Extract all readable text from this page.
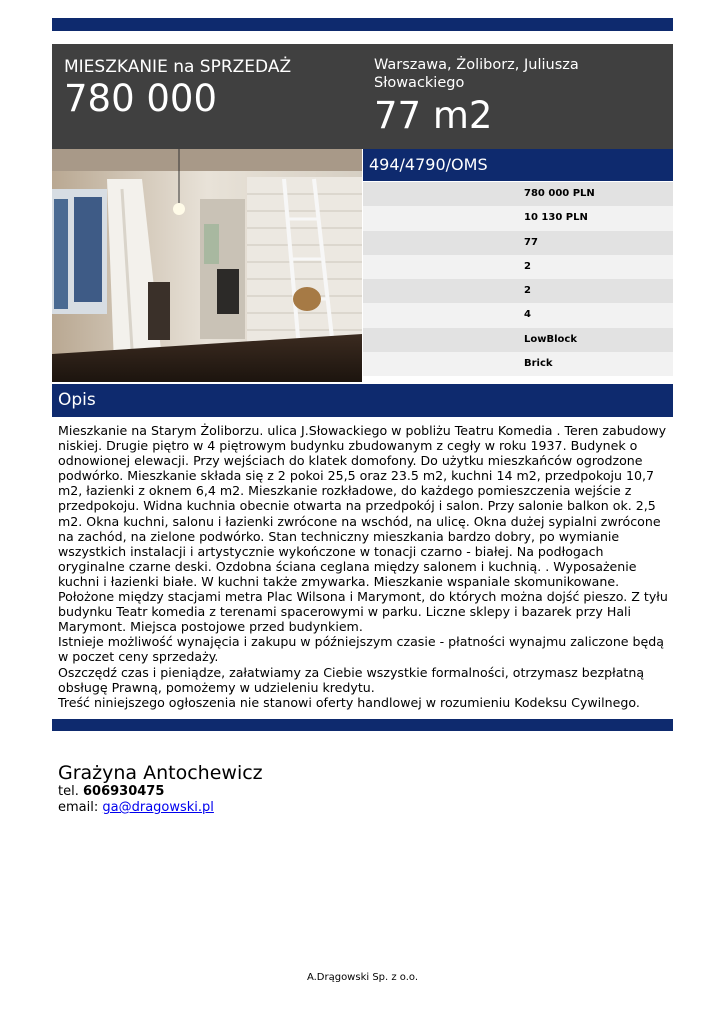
MIESZKANIE na SPRZEDAŻ
780 000
Warszawa, Żoliborz, Juliusza Słowackiego
77 m2
494/4790/OMS
780 000 PLN
10 130 PLN
77
2
2
4
LowBlock
Brick
Opis

Mieszkanie na Starym Żoliborzu. ulica J.Słowackiego w pobliżu Teatru Komedia . Teren zabudowy niskiej. Drugie piętro w 4 piętrowym budynku zbudowanym z cegły w roku 1937. Budynek o odnowionej elewacji. Przy wejściach do klatek domofony. Do użytku mieszkańców ogrodzone podwórko. Mieszkanie składa się z 2 pokoi 25,5 oraz 23.5 m2, kuchni 14 m2, przedpokoju 10,7 m2, łazienki z oknem 6,4 m2. Mieszkanie rozkładowe, do każdego pomieszczenia wejście z przedpokoju. Widna kuchnia obecnie otwarta na przedpokój i salon. Przy salonie balkon ok. 2,5 m2. Okna kuchni, salonu i łazienki zwrócone na wschód, na ulicę. Okna dużej sypialni zwrócone na zachód, na zielone podwórko. Stan techniczny mieszkania bardzo dobry, po wymianie wszystkich instalacji i artystycznie wykończone w tonacji czarno - białej. Na podłogach oryginalne czarne deski. Ozdobna ściana ceglana między salonem i kuchnią. . Wyposażenie kuchni i łazienki białe. W kuchni także zmywarka. Mieszkanie wspaniale skomunikowane. Położone między stacjami metra Plac Wilsona i Marymont, do których można dojść pieszo. Z tyłu budynku Teatr komedia z terenami spacerowymi w parku. Liczne sklepy i bazarek przy Hali Marymont. Miejsca postojowe przed budynkiem.

Istnieje możliwość wynajęcia i zakupu w późniejszym czasie - płatności wynajmu zaliczone będą w poczet ceny sprzedaży.

Oszczędź czas i pieniądze, załatwiamy za Ciebie wszystkie formalności, otrzymasz bezpłatną obsługę Prawną, pomożemy w udzieleniu kredytu.

Treść niniejszego ogłoszenia nie stanowi oferty handlowej w rozumieniu Kodeksu Cywilnego.

Grażyna Antochewicz
tel. 606930475
email: ga@dragowski.pl
A.Drągowski Sp. z o.o.
